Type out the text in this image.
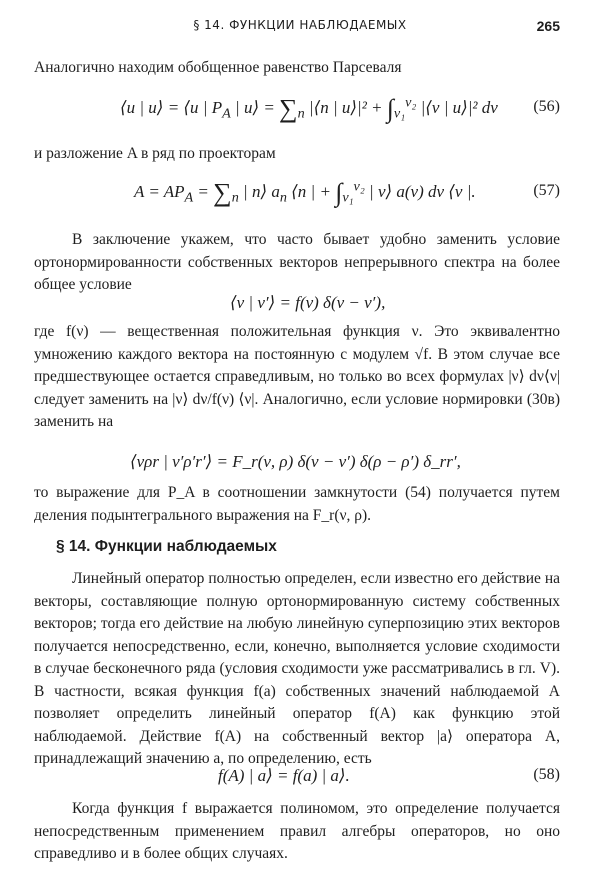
§ 14. ФУНКЦИИ НАБЛЮДАЕМЫХ	265

Аналогично находим обобщенное равенство Парсеваля

⟨u | u⟩ = ⟨u | $P_A$ | u⟩ = $\sum_n$ |⟨n | u⟩|² + $\int_{\nu_1}^{\nu_2}$ |⟨ν | u⟩|² dν (56)

и разложение A в ряд по проекторам

$A = AP_A = \sum_n$ | n⟩ $a_n$ ⟨n | + $\int_{\nu_1}^{\nu_2}$ | ν⟩ a(ν) dν ⟨ν |.	(57)

В заключение укажем, что часто бывает удобно заменить условие ортонормированности собственных векторов непрерывного спектра на более общее условие

⟨ν | ν′⟩ = f(ν) δ(ν − ν′),

где f(ν) — вещественная положительная функция ν. Это эквивалентно умножению каждого вектора на постоянную с модулем √f. В этом случае все предшествующее остается справедливым, но только во всех формулах |ν⟩ dν⟨ν| следует заменить на |ν⟩ dν/f(ν) ⟨ν|. Аналогично, если условие нормировки (30в) заменить на

⟨νρr | ν′ρ′r′⟩ = F_r(ν, ρ) δ(ν − ν′) δ(ρ − ρ′) δ_rr′,

то выражение для P_A в соотношении замкнутости (54) получается путем деления подынтегрального выражения на F_r(ν, ρ).

§ 14. Функции наблюдаемых

Линейный оператор полностью определен, если известно его действие на векторы, составляющие полную ортонормированную систему собственных векторов; тогда его действие на любую линейную суперпозицию этих векторов получается непосредственно, если, конечно, выполняется условие сходимости в случае бесконечного ряда (условия сходимости уже рассматривались в гл. V). В частности, всякая функция f(a) собственных значений наблюдаемой A позволяет определить линейный оператор f(A) как функцию этой наблюдаемой. Действие f(A) на собственный вектор |a⟩ оператора A, принадлежащий значению a, по определению, есть

f(A) | a⟩ = f(a) | a⟩.	(58)

Когда функция f выражается полиномом, это определение получается непосредственным применением правил алгебры операторов, но оно справедливо и в более общих случаях.
